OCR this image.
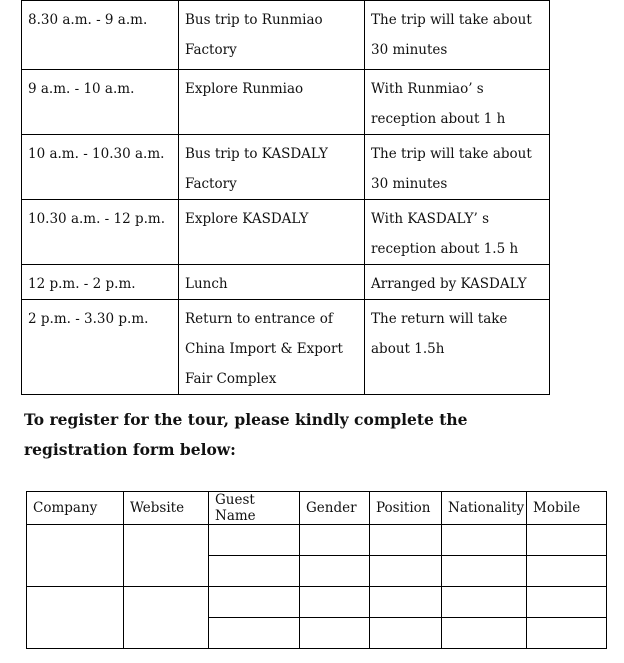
8.30 a.m. - 9 a.m.	Bus trip to Runmiao Factory	The trip will take about 30 minutes
9 a.m. - 10 a.m.	Explore Runmiao	With Runmiao’ s reception about 1 h
10 a.m. - 10.30 a.m.	Bus trip to KASDALY Factory	The trip will take about 30 minutes
10.30 a.m. - 12 p.m.	Explore KASDALY	With KASDALY’ s reception about 1.5 h
12 p.m. - 2 p.m.	Lunch	Arranged by KASDALY
2 p.m. - 3.30 p.m.	Return to entrance of China Import & Export Fair Complex	The return will take about 1.5h

To register for the tour, please kindly complete the registration form below:

Company	Website	Guest Name	Gender	Position	Nationality	Mobile
